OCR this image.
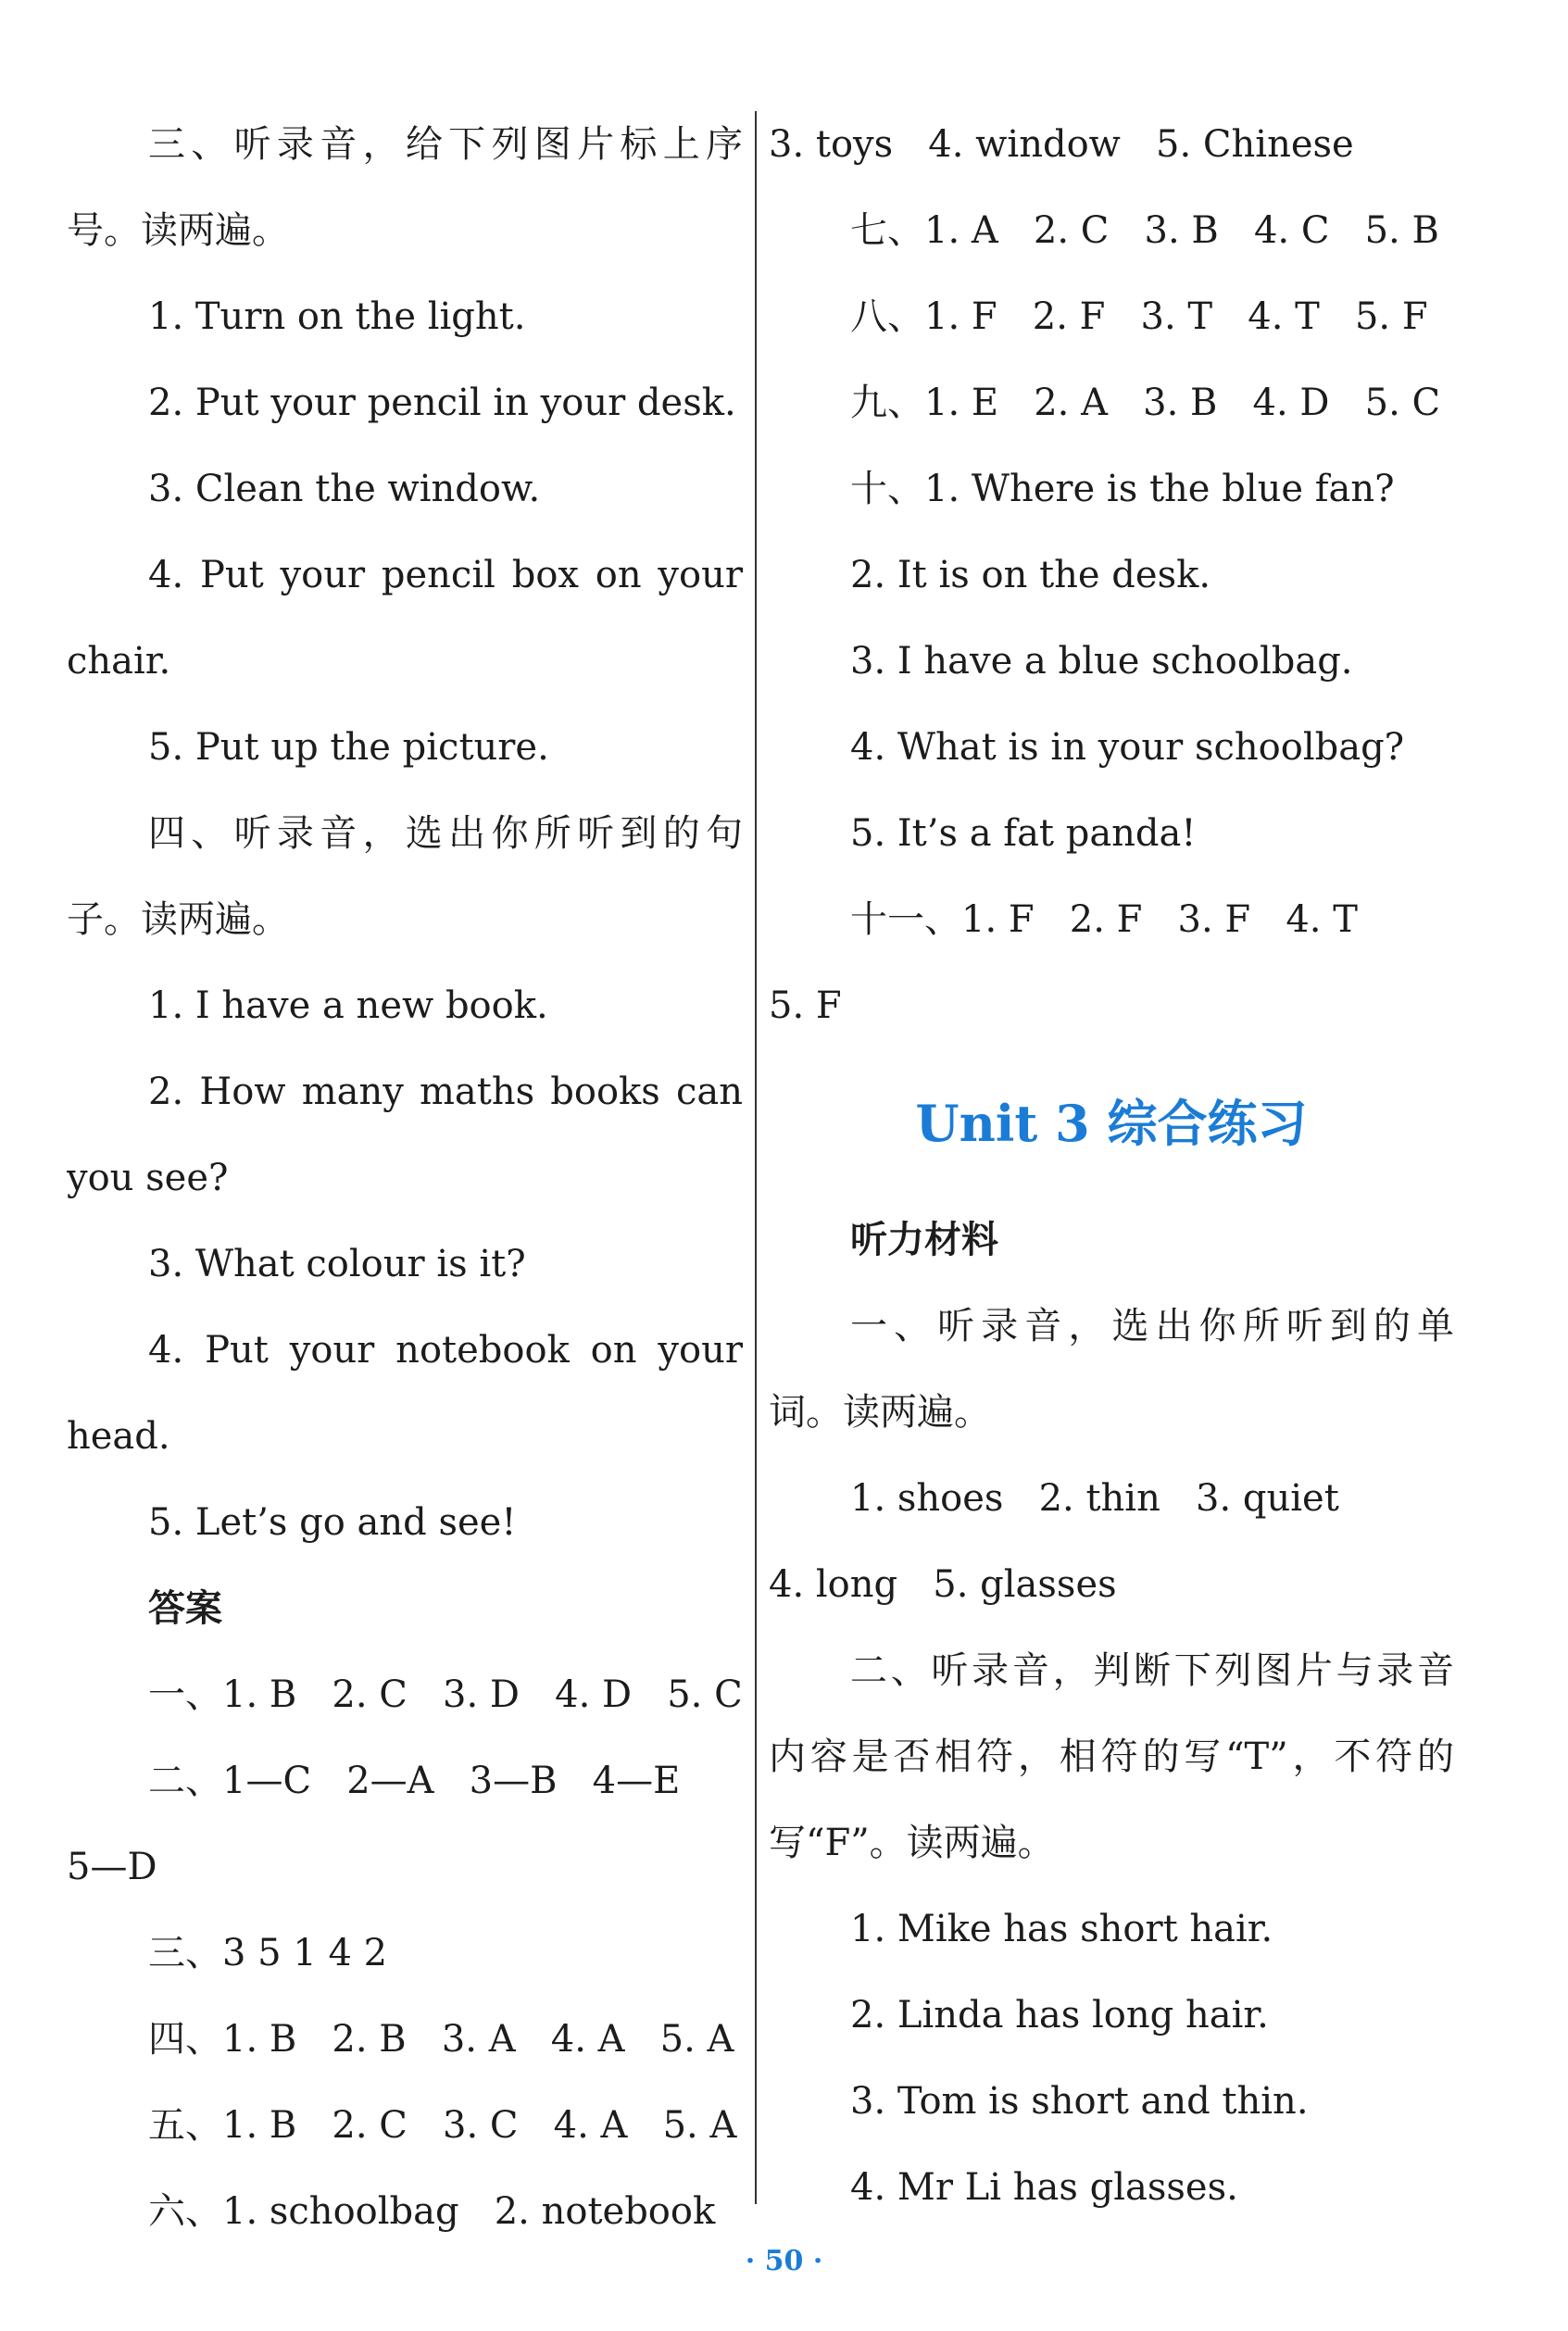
三、听录音，给下列图片标上序
号。读两遍。
1. Turn on the light.
2. Put your pencil in your desk.
3. Clean the window.
4. Put your pencil box on your
chair.
5. Put up the picture.
四、听录音，选出你所听到的句
子。读两遍。
1. I have a new book.
2. How many maths books can
you see?
3. What colour is it?
4. Put your notebook on your
head.
5. Let’s go and see!
答案
一、1. B   2. C   3. D   4. D   5. C
二、1—C   2—A   3—B   4—E
5—D
三、3 5 1 4 2
四、1. B   2. B   3. A   4. A   5. A
五、1. B   2. C   3. C   4. A   5. A
六、1. schoolbag   2. notebook
3. toys   4. window   5. Chinese
七、1. A   2. C   3. B   4. C   5. B
八、1. F   2. F   3. T   4. T   5. F
九、1. E   2. A   3. B   4. D   5. C
十、1. Where is the blue fan?
2. It is on the desk.
3. I have a blue schoolbag.
4. What is in your schoolbag?
5. It’s a fat panda!
十一、1. F   2. F   3. F   4. T
5. F
Unit 3 综合练习
听力材料
一、听录音，选出你所听到的单
词。读两遍。
1. shoes   2. thin   3. quiet
4. long   5. glasses
二、听录音，判断下列图片与录音
内容是否相符，相符的写“T”，不符的
写“F”。读两遍。
1. Mike has short hair.
2. Linda has long hair.
3. Tom is short and thin.
4. Mr Li has glasses.
· 50 ·
